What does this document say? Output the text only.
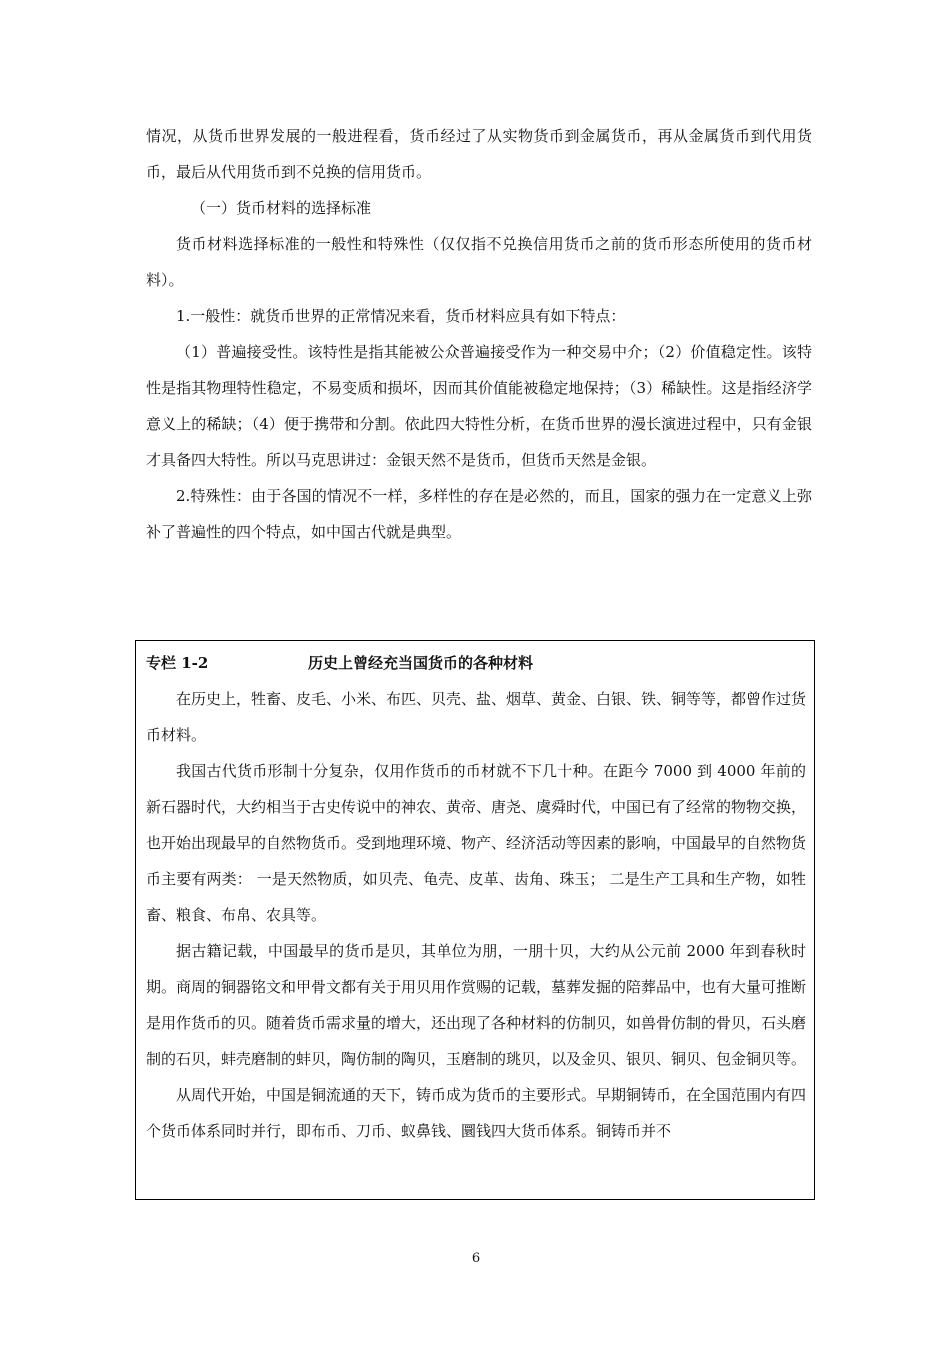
情况，从货币世界发展的一般进程看，货币经过了从实物货币到金属货币，再从金属货币到代用货币，最后从代用货币到不兑换的信用货币。

（一）货币材料的选择标准

货币材料选择标准的一般性和特殊性（仅仅指不兑换信用货币之前的货币形态所使用的货币材料）。

1.一般性：就货币世界的正常情况来看，货币材料应具有如下特点：

（1）普遍接受性。该特性是指其能被公众普遍接受作为一种交易中介；（2）价值稳定性。该特性是指其物理特性稳定，不易变质和损坏，因而其价值能被稳定地保持；（3）稀缺性。这是指经济学意义上的稀缺；（4）便于携带和分割。依此四大特性分析，在货币世界的漫长演进过程中，只有金银才具备四大特性。所以马克思讲过：金银天然不是货币，但货币天然是金银。

2.特殊性：由于各国的情况不一样，多样性的存在是必然的，而且，国家的强力在一定意义上弥补了普遍性的四个特点，如中国古代就是典型。

专栏 1-2	历史上曾经充当国货币的各种材料

在历史上，牲畜、皮毛、小米、布匹、贝壳、盐、烟草、黄金、白银、铁、铜等等，都曾作过货币材料。

我国古代货币形制十分复杂，仅用作货币的币材就不下几十种。在距今 7000 到 4000 年前的新石器时代，大约相当于古史传说中的神农、黄帝、唐尧、虞舜时代，中国已有了经常的物物交换，也开始出现最早的自然物货币。受到地理环境、物产、经济活动等因素的影响，中国最早的自然物货币主要有两类： 一是天然物质，如贝壳、龟壳、皮革、齿角、珠玉； 二是生产工具和生产物，如牲畜、粮食、布帛、农具等。

据古籍记载，中国最早的货币是贝，其单位为朋，一朋十贝，大约从公元前 2000 年到春秋时期。商周的铜器铭文和甲骨文都有关于用贝用作赏赐的记载，墓葬发掘的陪葬品中，也有大量可推断是用作货币的贝。随着货币需求量的增大，还出现了各种材料的仿制贝，如兽骨仿制的骨贝，石头磨制的石贝，蚌壳磨制的蚌贝，陶仿制的陶贝，玉磨制的珧贝，以及金贝、银贝、铜贝、包金铜贝等。

从周代开始，中国是铜流通的天下，铸币成为货币的主要形式。早期铜铸币，在全国范围内有四个货币体系同时并行，即布币、刀币、蚁鼻钱、圜钱四大货币体系。铜铸币并不

6
